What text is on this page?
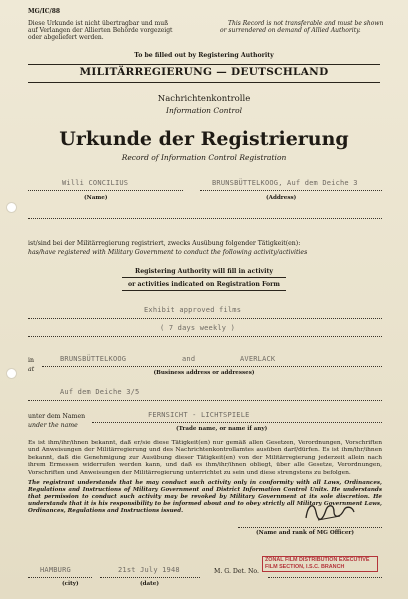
MG/IC/88
Diese Urkunde ist nicht übertragbar und muß
auf Verlangen der Allierten Behörde vorgezeigt
oder abgeliefert werden.
This Record is not transferable and must be shown
or surrendered on demand of Allied Authority.
To be filled out by Registering Authority
MILITÄRREGIERUNG — DEUTSCHLAND
Nachrichtenkontrolle
Information Control
Urkunde der Registrierung
Record of Information Control Registration
Willi CONCILIUS	BRUNSBÜTTELKOOG, Auf dem Deiche 3
(Name)	(Address)
ist/sind bei der Militärregierung registriert, zwecks Ausübung folgender Tätigkeit(en):
has/have registered with Military Government to conduct the following activity/activities
Registering Authority will fill in activity
or activities indicated on Registration Form
Exhibit approved films
( 7 days weekly )
in
at
BRUNSBÜTTELKOOG	and	AVERLACK
(Business address or addresses)
Auf dem Deiche 3/5
unter dem Namen
under the name
FERNSICHT - LICHTSPIELE
(Trade name, or name if any)
Es ist ihm/ihr/ihnen bekannt, daß er/sie diese Tätigkeit(en) nur gemäß allen Gesetzen, Verordnungen, Vorschriften und Anweisungen der Militärregierung und des Nachrichtenkontrollamtes ausüben darf/dürfen. Es ist ihm/ihr/ihnen bekannt, daß die Genehmigung zur Ausübung dieser Tätigkeit(en) von der Militärregierung jederzeit allein nach ihrem Ermessen widerrufen werden kann, und daß es ihm/ihr/ihnen obliegt, über alle Gesetze, Verordnungen, Vorschriften und Anweisungen der Militärregierung unterrichtet zu sein und diese strengstens zu befolgen.
The registrant understands that he may conduct such activity only in conformity with all Laws, Ordinances, Regulations and Instructions of Military Government and District Information Control Units. He understands that permission to conduct such activity may be revoked by Military Government at its sole discretion. He understands that it is his responsibility to be informed about and to obey strictly all Military Government Laws, Ordinances, Regulations and Instructions issued.
(Name and rank of MG Officer)
HAMBURG	21st July 1948
(city)	(date)
M. G. Det. No.
ZONAL FILM DISTRIBUTION EXECUTIVE
FILM SECTION, I.S.C. BRANCH
